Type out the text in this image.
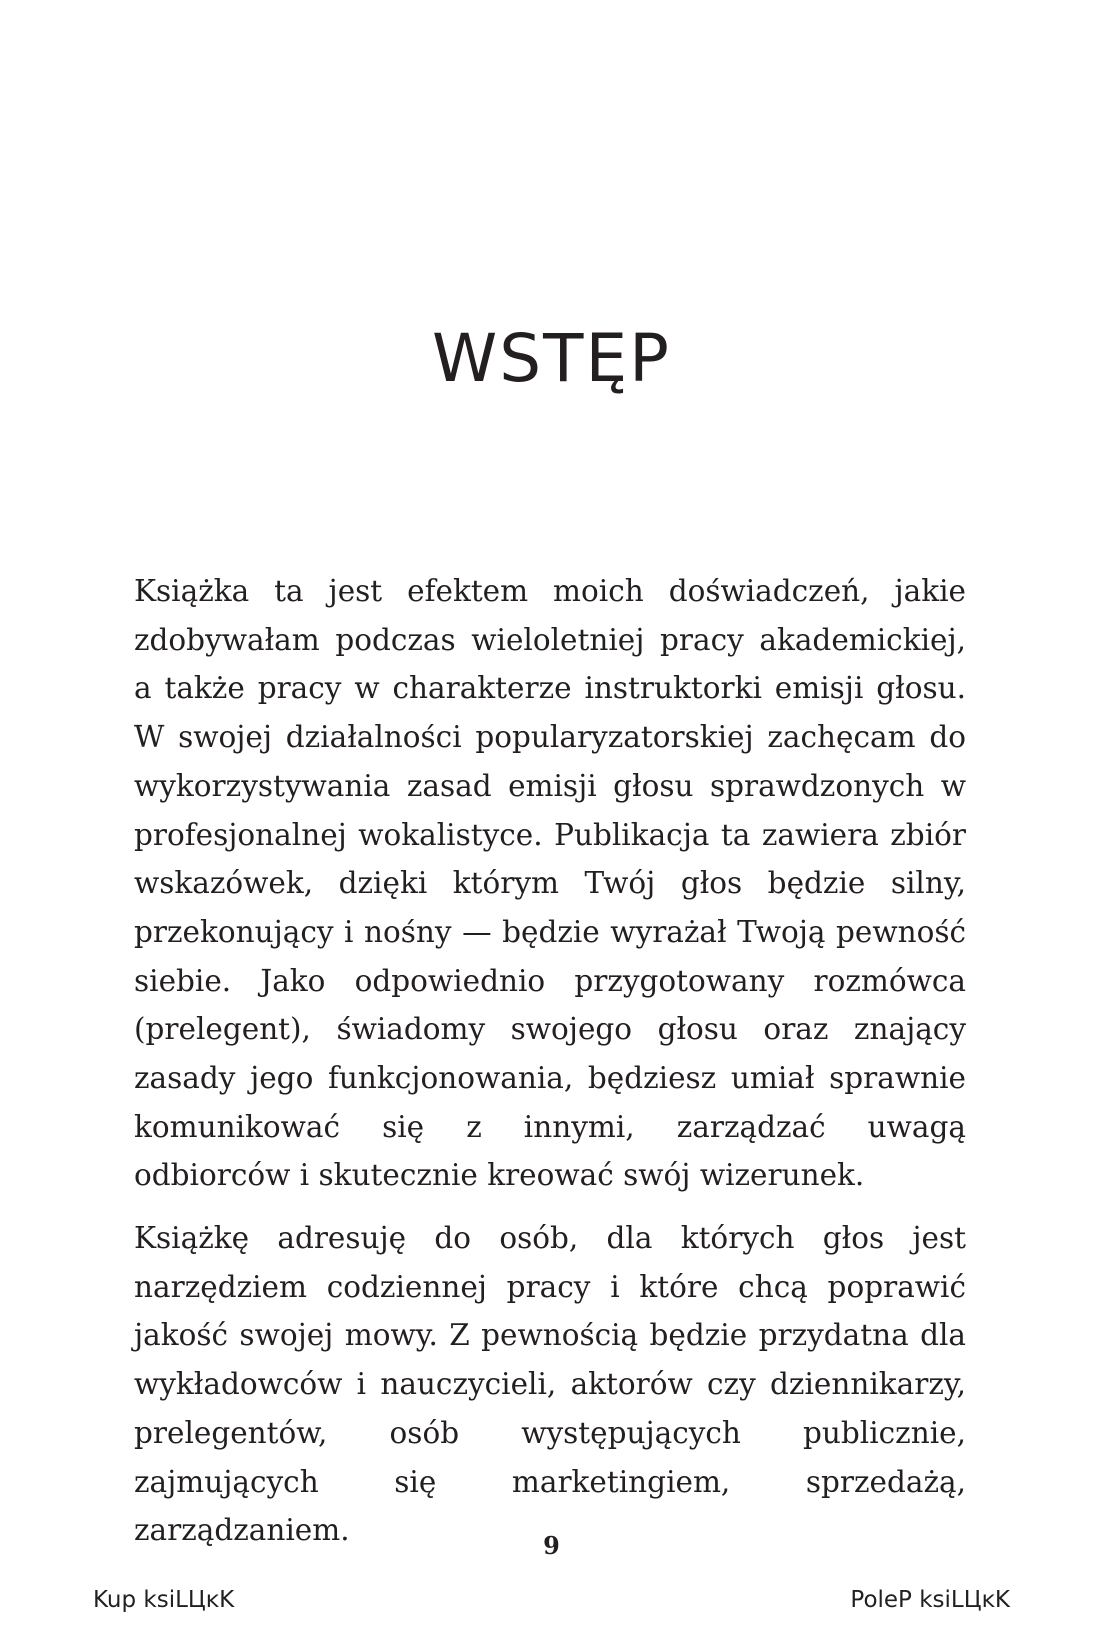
WSTĘP

Książka ta jest efektem moich doświadczeń, jakie zdobywałam podczas wieloletniej pracy akademickiej, a także pracy w charakterze instruktorki emisji głosu. W swojej działalności popularyzatorskiej zachęcam do wykorzystywania zasad emisji głosu sprawdzonych w profesjonalnej wokalistyce. Publikacja ta zawiera zbiór wskazówek, dzięki którym Twój głos będzie silny, przekonujący i nośny — będzie wyrażał Twoją pewność siebie. Jako odpowiednio przygotowany rozmówca (prelegent), świadomy swojego głosu oraz znający zasady jego funkcjonowania, będziesz umiał sprawnie komunikować się z innymi, zarządzać uwagą odbiorców i skutecznie kreować swój wizerunek.

Książkę adresuję do osób, dla których głos jest narzędziem codziennej pracy i które chcą poprawić jakość swojej mowy. Z pewnością będzie przydatna dla wykładowców i nauczycieli, aktorów czy dziennikarzy, prelegentów, osób występujących publicznie, zajmujących się marketingiem, sprzedażą, zarządzaniem.	9
Kup ksiLЦĸK	PoleP ksiLЦĸK
